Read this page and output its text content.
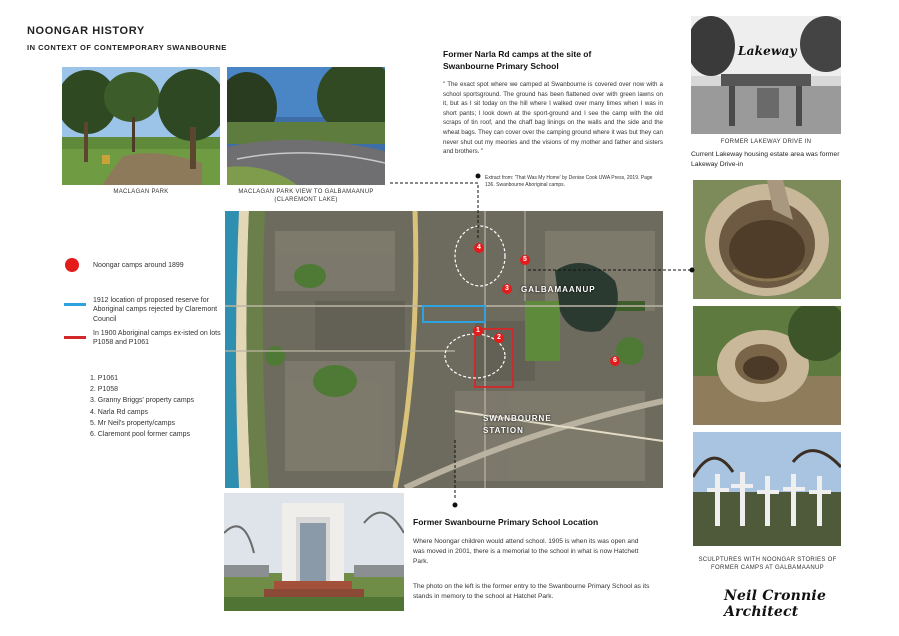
NOONGAR HISTORY
IN CONTEXT OF CONTEMPORARY SWANBOURNE
MACLAGAN PARK	MACLAGAN PARK VIEW TO GALBAMAANUP
(CLAREMONT LAKE)
Former Narla Rd camps at the site of Swanbourne Primary School
" The exact spot where we camped at Swanbourne is covered over now with a school sportsground. The ground has been flattened over with green lawns on it, but as I sit today on the hill where I walked over many times when I was in short pants; I look down at the sport-ground and I see the camp with the old scraps of tin roof, and the chaff bag linings on the walls and the side and the wheat bags. They can cover over the camping ground where it was but they can never shut out my meories and the visions of my mother and father and sisters and brothers. "
Extract from: 'That Was My Home' by Denise Cook UWA Press, 2019. Page 136. Swanbourne Aboriginal camps.
Lakeway
FORMER LAKEWAY DRIVE IN
Current Lakeway housing estate area was former Lakeway Drive-in
SCULPTURES WITH NOONGAR STORIES OF
FORMER CAMPS AT GALBAMAANUP
Noongar camps around 1899
1912 location of proposed reserve for Aboriginal camps rejected by Claremont Council
In 1900 Aboriginal camps ex-isted on lots P1058 and P1061
1. P1061
2. P1058
3. Granny Briggs' property camps
4. Narla Rd camps
5. Mr Neil's property/camps
6. Claremont pool former camps
1
2
3
4
5
6
GALBAMAANUP
SWANBOURNE
STATION
Former Swanbourne Primary School Location
Where Noongar children would attend school. 1905 is when its was open and was moved in 2001, there is a memorial to the school in what is now Hatchett Park.
The photo on the left is the former entry to the Swanbourne Primary School as its stands in memory to the school at Hatchet Park.	Neil Cronnie Architect
